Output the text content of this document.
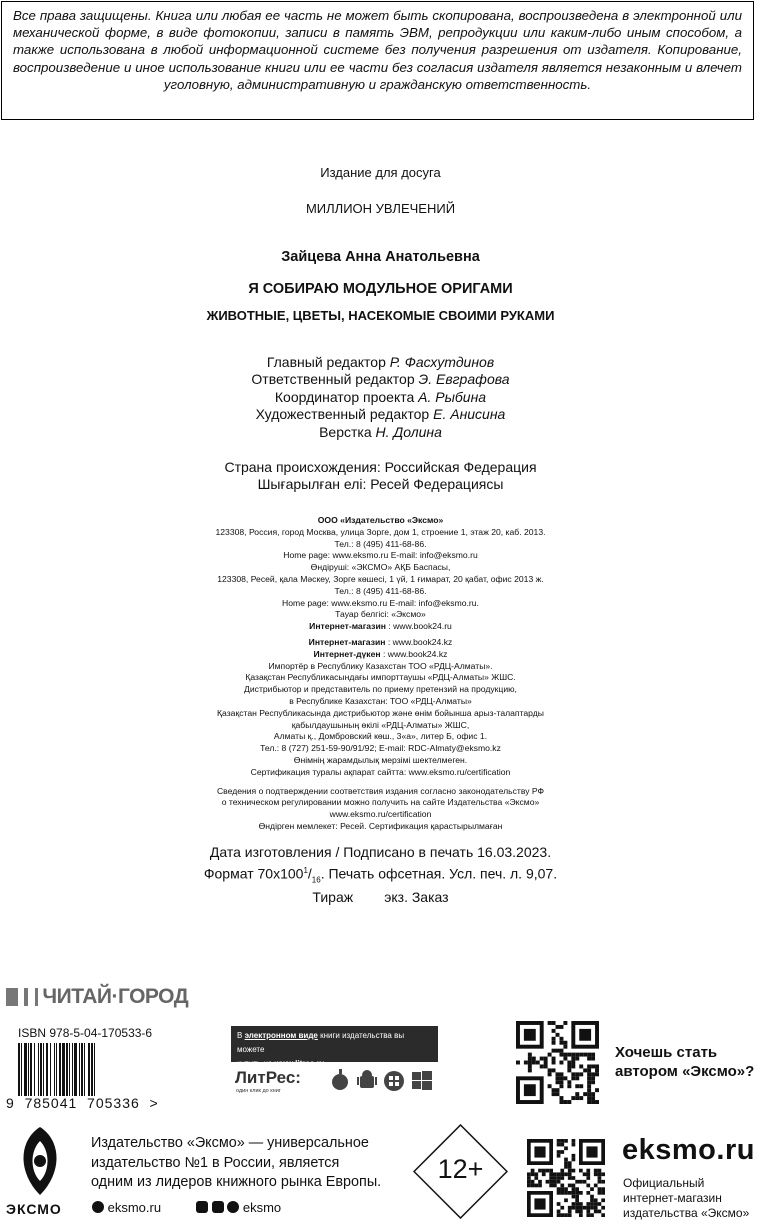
Все права защищены. Книга или любая ее часть не может быть скопирована, воспроизведена в электронной или механической форме, в виде фотокопии, записи в память ЭВМ, репродукции или каким-либо иным способом, а также использована в любой информационной системе без получения разрешения от издателя. Копирование, воспроизведение и иное использование книги или ее части без согласия издателя является незаконным и влечет уголовную, административную и гражданскую ответственность.
Издание для досуга
МИЛЛИОН УВЛЕЧЕНИЙ
Зайцева Анна Анатольевна
Я СОБИРАЮ МОДУЛЬНОЕ ОРИГАМИ
ЖИВОТНЫЕ, ЦВЕТЫ, НАСЕКОМЫЕ СВОИМИ РУКАМИ
Главный редактор Р. Фасхутдинов
Ответственный редактор Э. Евграфова
Координатор проекта А. Рыбина
Художественный редактор Е. Анисина
Верстка Н. Долина
Страна происхождения: Российская Федерация
Шығарылған елі: Ресей Федерациясы
ООО «Издательство «Эксмо»
123308, Россия, город Москва, улица Зорге, дом 1, строение 1, этаж 20, каб. 2013.
Тел.: 8 (495) 411-68-86.
Home page: www.eksmo.ru E-mail: info@eksmo.ru
Өндіруші: «ЭКСМО» АҚБ Баспасы,
123308, Ресей, қала Мәскеу, Зорге көшесі, 1 үй, 1 ғимарат, 20 қабат, офис 2013 ж.
Тел.: 8 (495) 411-68-86.
Home page: www.eksmo.ru E-mail: info@eksmo.ru.
Тауар белгісі: «Эксмо»
Интернет-магазин : www.book24.ru
Интернет-магазин : www.book24.kz
Интернет-дүкен : www.book24.kz
Импортёр в Республику Казахстан ТОО «РДЦ-Алматы».
Қазақстан Республикасындағы импорттаушы «РДЦ-Алматы» ЖШС.
Дистрибьютор и представитель по приему претензий на продукцию,
в Республике Казахстан: ТОО «РДЦ-Алматы»
Қазақстан Республикасында дистрибьютор және өнім бойынша арыз-талаптарды
қабылдаушының өкілі «РДЦ-Алматы» ЖШС,
Алматы қ., Домбровский көш., 3«а», литер Б, офис 1.
Тел.: 8 (727) 251-59-90/91/92; E-mail: RDC-Almaty@eksmo.kz
Өнімнің жарамдылық мерзімі шектелмеген.
Сертификация туралы ақпарат сайтта: www.eksmo.ru/certification
Сведения о подтверждении соответствия издания согласно законодательству РФ
о техническом регулировании можно получить на сайте Издательства «Эксмо»
www.eksmo.ru/certification
Өндірген мемлекет: Ресей. Сертификация қарастырылмаған
Дата изготовления / Подписано в печать 16.03.2023.
Формат $70x100^1/_{16}$. Печать офсетная. Усл. печ. л. 9,07.
Тираж        экз. Заказ
ЧИТАЙ·ГОРОД
ISBN 978-5-04-170533-6
9  785041  705336  >
В электронном виде книги издательства вы можете
купить на www.litres.ru
ЛитРес:
один клик до книг
Хочешь стать
автором «Эксмо»?
ЭКСМО
Издательство «Эксмо» — универсальное
издательство №1 в России, является
одним из лидеров книжного рынка Европы.
eksmo.ru	eksmo
12+
eksmo.ru
Официальный
интернет-магазин
издательства «Эксмо»
